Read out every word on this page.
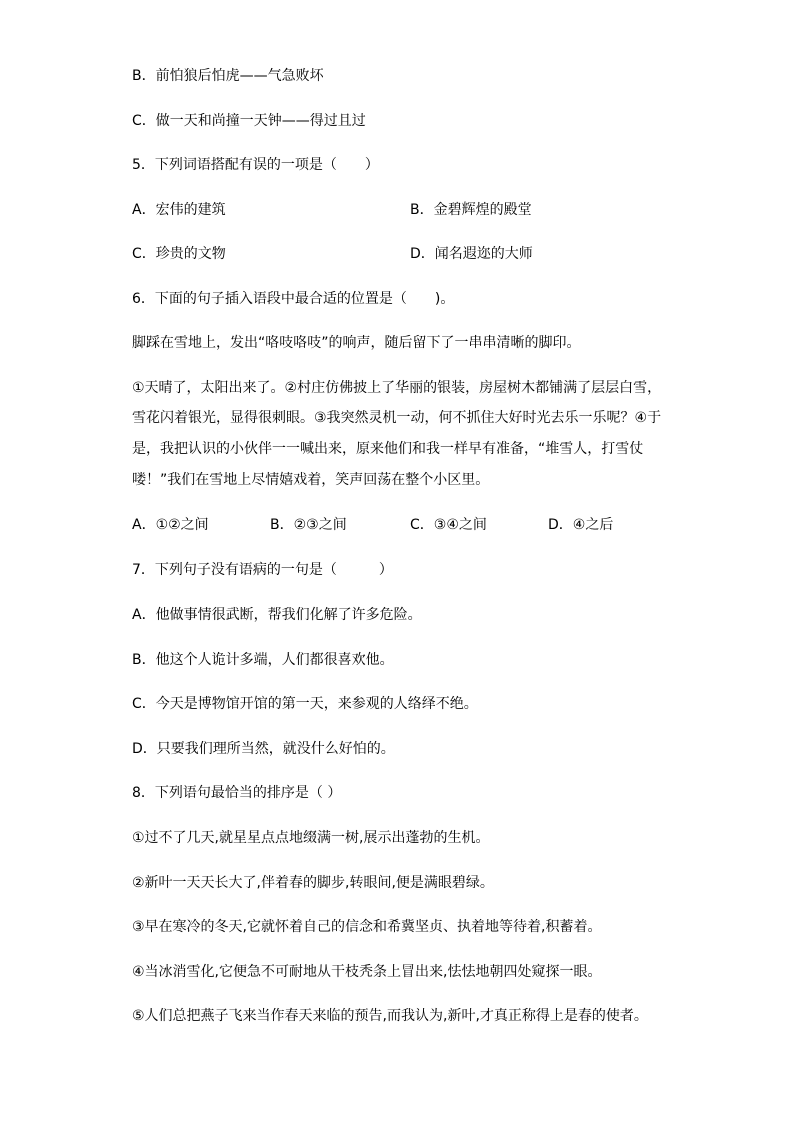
B．前怕狼后怕虎——气急败坏
C．做一天和尚撞一天钟——得过且过
5．下列词语搭配有误的一项是（　　）
A．宏伟的建筑	B．金碧辉煌的殿堂
C．珍贵的文物	D．闻名遐迩的大师
6．下面的句子插入语段中最合适的位置是（　　)。
脚踩在雪地上，发出“咯吱咯吱”的响声，随后留下了一串串清晰的脚印。
①天晴了，太阳出来了。②村庄仿佛披上了华丽的银装，房屋树木都铺满了层层白雪，
雪花闪着银光，显得很刺眼。③我突然灵机一动，何不抓住大好时光去乐一乐呢？④于
是，我把认识的小伙伴一一喊出来，原来他们和我一样早有准备，“堆雪人，打雪仗
喽！”我们在雪地上尽情嬉戏着，笑声回荡在整个小区里。
A．①②之间	B．②③之间	C．③④之间	D．④之后
7．下列句子没有语病的一句是（　　　）
A．他做事情很武断，帮我们化解了许多危险。
B．他这个人诡计多端，人们都很喜欢他。
C．今天是博物馆开馆的第一天，来参观的人络绎不绝。
D．只要我们理所当然，就没什么好怕的。
8．下列语句最恰当的排序是（ ）
①过不了几天,就星星点点地缀满一树,展示出蓬勃的生机。
②新叶一天天长大了,伴着春的脚步,转眼间,便是满眼碧绿。
③早在寒冷的冬天,它就怀着自己的信念和希冀坚贞、执着地等待着,积蓄着。
④当冰消雪化,它便急不可耐地从干枝秃条上冒出来,怯怯地朝四处窥探一眼。
⑤人们总把燕子飞来当作春天来临的预告,而我认为,新叶,才真正称得上是春的使者。
